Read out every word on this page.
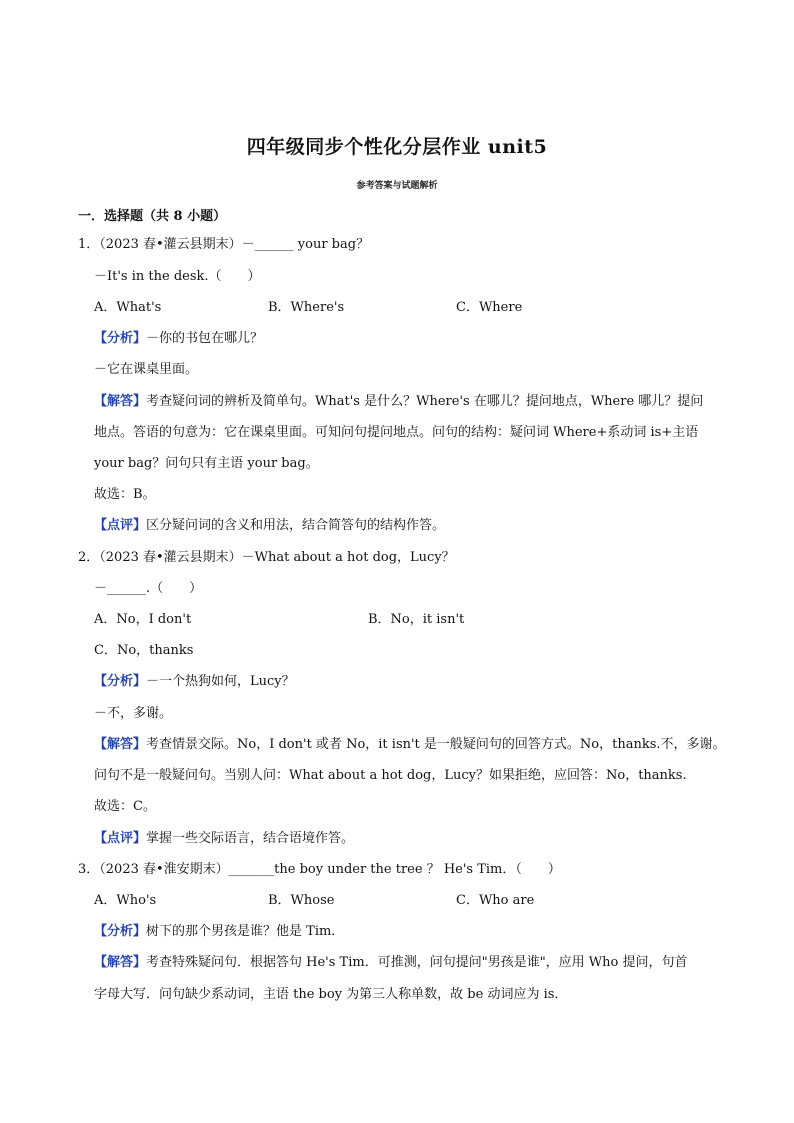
四年级同步个性化分层作业 unit5
参考答案与试题解析
一．选择题（共 8 小题）
1．（2023 春•灌云县期末）－______ your bag？
－It's in the desk.（　　）
A．What's	B．Where's	C．Where
【分析】－你的书包在哪儿？
－它在课桌里面。
【解答】考查疑问词的辨析及简单句。What's 是什么？Where's 在哪儿？提问地点，Where 哪儿？提问
地点。答语的句意为：它在课桌里面。可知问句提问地点。问句的结构：疑问词 Where+系动词 is+主语
your bag？问句只有主语 your bag。
故选：B。
【点评】区分疑问词的含义和用法，结合简答句的结构作答。
2．（2023 春•灌云县期末）－What about a hot dog，Lucy？
－______.（　　）
A．No，I don't	B．No，it isn't
C．No，thanks
【分析】－一个热狗如何，Lucy？
－不，多谢。
【解答】考查情景交际。No，I don't 或者 No，it isn't 是一般疑问句的回答方式。No，thanks.不，多谢。
问句不是一般疑问句。当别人问：What about a hot dog，Lucy？如果拒绝，应回答：No，thanks.
故选：C。
【点评】掌握一些交际语言，结合语境作答。
3．（2023 春•淮安期末）_______the boy under the tree ？ He's Tim．（　　）
A．Who's	B．Whose	C．Who are
【分析】树下的那个男孩是谁？他是 Tim．
【解答】考查特殊疑问句．根据答句 He's Tim．可推测，问句提问"男孩是谁"，应用 Who 提问，句首
字母大写．问句缺少系动词，主语 the boy 为第三人称单数，故 be 动词应为 is．
